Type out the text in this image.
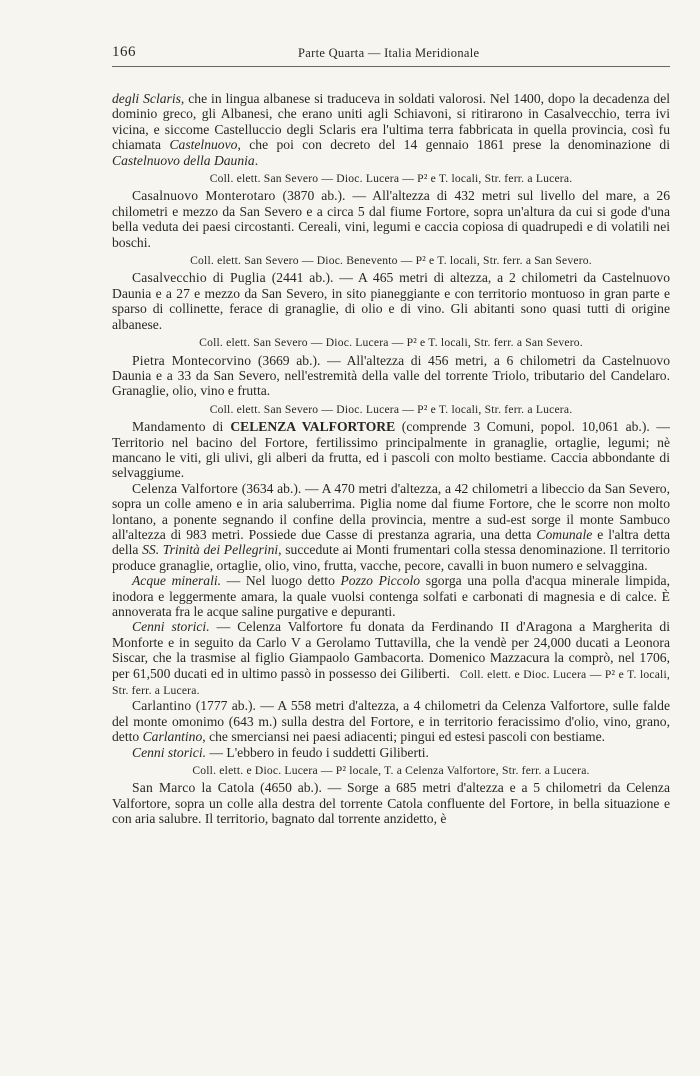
166	Parte Quarta — Italia Meridionale

degli Sclaris, che in lingua albanese si traduceva in soldati valorosi. Nel 1400, dopo la decadenza del dominio greco, gli Albanesi, che erano uniti agli Schiavoni, si ritirarono in Casalvecchio, terra ivi vicina, e siccome Castelluccio degli Sclaris era l'ultima terra fabbricata in quella provincia, così fu chiamata Castelnuovo, che poi con decreto del 14 gennaio 1861 prese la denominazione di Castelnuovo della Daunia.
Coll. elett. San Severo — Dioc. Lucera — P² e T. locali, Str. ferr. a Lucera.

Casalnuovo Monterotaro (3870 ab.). — All'altezza di 432 metri sul livello del mare, a 26 chilometri e mezzo da San Severo e a circa 5 dal fiume Fortore, sopra un'altura da cui si gode d'una bella veduta dei paesi circostanti. Cereali, vini, legumi e caccia copiosa di quadrupedi e di volatili nei boschi.
Coll. elett. San Severo — Dioc. Benevento — P² e T. locali, Str. ferr. a San Severo.

Casalvecchio di Puglia (2441 ab.). — A 465 metri di altezza, a 2 chilometri da Castelnuovo Daunia e a 27 e mezzo da San Severo, in sito pianeggiante e con territorio montuoso in gran parte e sparso di collinette, ferace di granaglie, di olio e di vino. Gli abitanti sono quasi tutti di origine albanese.
Coll. elett. San Severo — Dioc. Lucera — P² e T. locali, Str. ferr. a San Severo.

Pietra Montecorvino (3669 ab.). — All'altezza di 456 metri, a 6 chilometri da Castelnuovo Daunia e a 33 da San Severo, nell'estremità della valle del torrente Triolo, tributario del Candelaro. Granaglie, olio, vino e frutta.
Coll. elett. San Severo — Dioc. Lucera — P² e T. locali, Str. ferr. a Lucera.

Mandamento di CELENZA VALFORTORE (comprende 3 Comuni, popol. 10,061 ab.). — Territorio nel bacino del Fortore, fertilissimo principalmente in granaglie, ortaglie, legumi; nè mancano le viti, gli ulivi, gli alberi da frutta, ed i pascoli con molto bestiame. Caccia abbondante di selvaggiume.

Celenza Valfortore (3634 ab.). — A 470 metri d'altezza, a 42 chilometri a libeccio da San Severo, sopra un colle ameno e in aria saluberrima. Piglia nome dal fiume Fortore, che le scorre non molto lontano, a ponente segnando il confine della provincia, mentre a sud-est sorge il monte Sambuco all'altezza di 983 metri. Possiede due Casse di prestanza agraria, una detta Comunale e l'altra detta della SS. Trinità dei Pellegrini, succedute ai Monti frumentari colla stessa denominazione. Il territorio produce granaglie, ortaglie, olio, vino, frutta, vacche, pecore, cavalli in buon numero e selvaggina.

Acque minerali. — Nel luogo detto Pozzo Piccolo sgorga una polla d'acqua minerale limpida, inodora e leggermente amara, la quale vuolsi contenga solfati e carbonati di magnesia e di calce. È annoverata fra le acque saline purgative e depuranti.

Cenni storici. — Celenza Valfortore fu donata da Ferdinando II d'Aragona a Margherita di Monforte e in seguito da Carlo V a Gerolamo Tuttavilla, che la vendè per 24,000 ducati a Leonora Siscar, che la trasmise al figlio Giampaolo Gambacorta. Domenico Mazzacura la comprò, nel 1706, per 61,500 ducati ed in ultimo passò in possesso dei Giliberti. Coll. elett. e Dioc. Lucera — P² e T. locali, Str. ferr. a Lucera.

Carlantino (1777 ab.). — A 558 metri d'altezza, a 4 chilometri da Celenza Valfortore, sulle falde del monte omonimo (643 m.) sulla destra del Fortore, e in territorio feracissimo d'olio, vino, grano, detto Carlantino, che smerciansi nei paesi adiacenti; pingui ed estesi pascoli con bestiame.

Cenni storici. — L'ebbero in feudo i suddetti Giliberti.
Coll. elett. e Dioc. Lucera — P² locale, T. a Celenza Valfortore, Str. ferr. a Lucera.

San Marco la Catola (4650 ab.). — Sorge a 685 metri d'altezza e a 5 chilometri da Celenza Valfortore, sopra un colle alla destra del torrente Catola confluente del Fortore, in bella situazione e con aria salubre. Il territorio, bagnato dal torrente anzidetto, è
